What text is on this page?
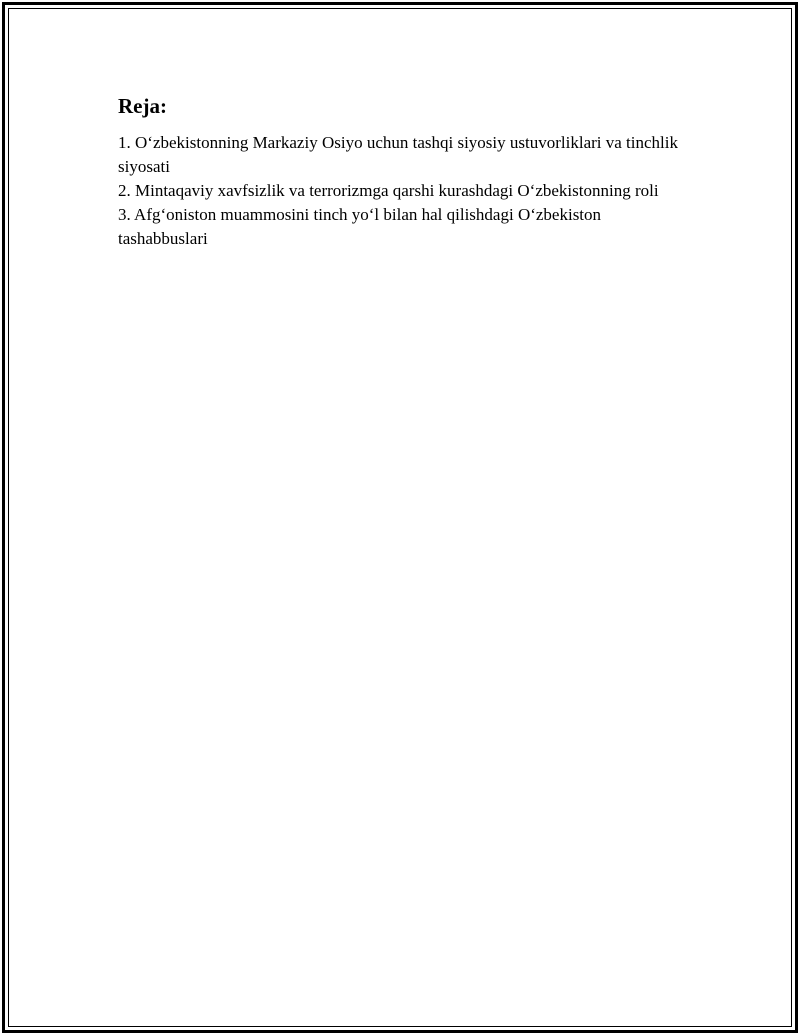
Reja:
1. O‘zbekistonning Markaziy Osiyo uchun tashqi siyosiy ustuvorliklari va tinchlik siyosati
2. Mintaqaviy xavfsizlik va terrorizmga qarshi kurashdagi O‘zbekistonning roli
3. Afg‘oniston muammosini tinch yo‘l bilan hal qilishdagi O‘zbekiston tashabbuslari
